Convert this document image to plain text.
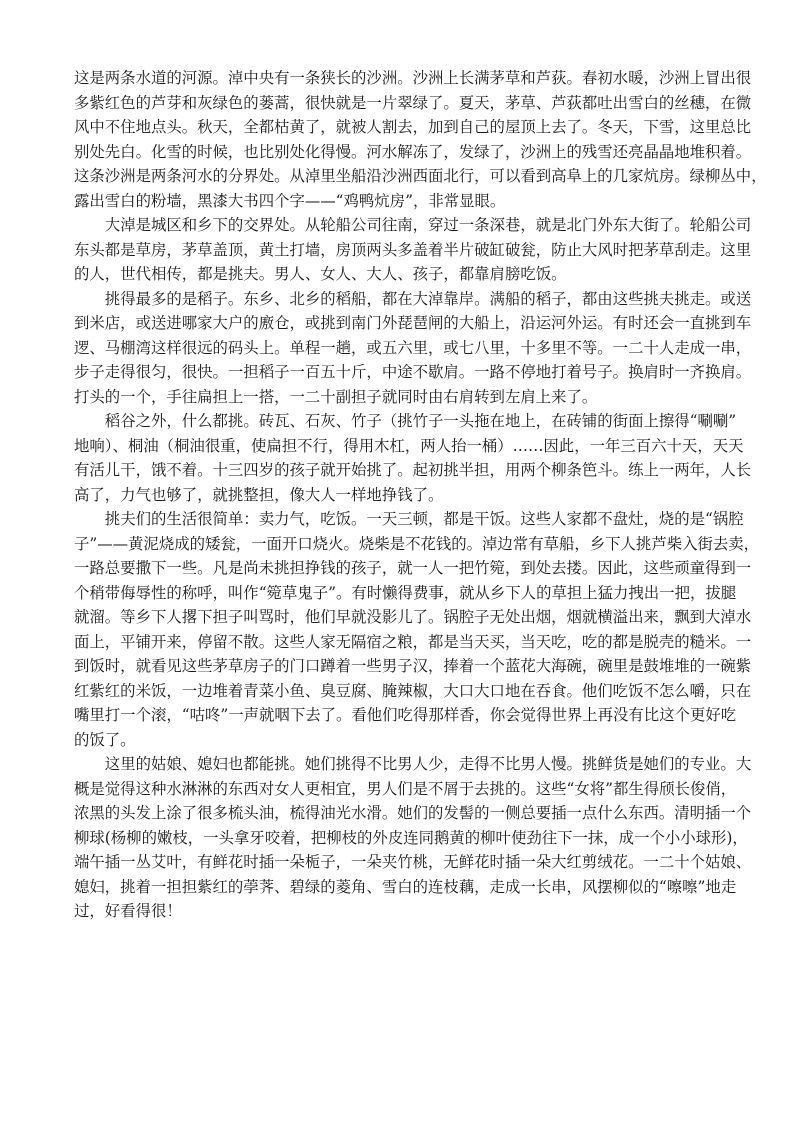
这是两条水道的河源。淖中央有一条狭长的沙洲。沙洲上长满茅草和芦荻。春初水暖，沙洲上冒出很
多紫红色的芦芽和灰绿色的蒌蒿，很快就是一片翠绿了。夏天，茅草、芦荻都吐出雪白的丝穗，在微
风中不住地点头。秋天，全都枯黄了，就被人割去，加到自己的屋顶上去了。冬天，下雪，这里总比
别处先白。化雪的时候，也比别处化得慢。河水解冻了，发绿了，沙洲上的残雪还亮晶晶地堆积着。
这条沙洲是两条河水的分界处。从淖里坐船沿沙洲西面北行，可以看到高阜上的几家炕房。绿柳丛中，
露出雪白的粉墙，黑漆大书四个字——“鸡鸭炕房”，非常显眼。
大淖是城区和乡下的交界处。从轮船公司往南，穿过一条深巷，就是北门外东大街了。轮船公司
东头都是草房，茅草盖顶，黄土打墙，房顶两头多盖着半片破缸破瓮，防止大风时把茅草刮走。这里
的人，世代相传，都是挑夫。男人、女人、大人、孩子，都靠肩膀吃饭。
挑得最多的是稻子。东乡、北乡的稻船，都在大淖靠岸。满船的稻子，都由这些挑夫挑走。或送
到米店，或送进哪家大户的廒仓，或挑到南门外琵琶闸的大船上，沿运河外运。有时还会一直挑到车
逻、马棚湾这样很远的码头上。单程一趟，或五六里，或七八里，十多里不等。一二十人走成一串，
步子走得很匀，很快。一担稻子一百五十斤，中途不歇肩。一路不停地打着号子。换肩时一齐换肩。
打头的一个，手往扁担上一搭，一二十副担子就同时由右肩转到左肩上来了。
稻谷之外，什么都挑。砖瓦、石灰、竹子（挑竹子一头拖在地上，在砖铺的街面上擦得“唰唰”
地响）、桐油（桐油很重，使扁担不行，得用木杠，两人抬一桶）……因此，一年三百六十天，天天
有活儿干，饿不着。十三四岁的孩子就开始挑了。起初挑半担，用两个柳条笆斗。练上一两年，人长
高了，力气也够了，就挑整担，像大人一样地挣钱了。
挑夫们的生活很简单：卖力气，吃饭。一天三顿，都是干饭。这些人家都不盘灶，烧的是“锅腔
子”——黄泥烧成的矮瓮，一面开口烧火。烧柴是不花钱的。淖边常有草船，乡下人挑芦柴入街去卖，
一路总要撒下一些。凡是尚未挑担挣钱的孩子，就一人一把竹箢，到处去搂。因此，这些顽童得到一
个稍带侮辱性的称呼，叫作“箢草鬼子”。有时懒得费事，就从乡下人的草担上猛力拽出一把，拔腿
就溜。等乡下人撂下担子叫骂时，他们早就没影儿了。锅腔子无处出烟，烟就横溢出来，飘到大淖水
面上，平铺开来，停留不散。这些人家无隔宿之粮，都是当天买，当天吃，吃的都是脱壳的糙米。一
到饭时，就看见这些茅草房子的门口蹲着一些男子汉，捧着一个蓝花大海碗，碗里是鼓堆堆的一碗紫
红紫红的米饭，一边堆着青菜小鱼、臭豆腐、腌辣椒，大口大口地在吞食。他们吃饭不怎么嚼，只在
嘴里打一个滚，“咕咚”一声就咽下去了。看他们吃得那样香，你会觉得世界上再没有比这个更好吃
的饭了。
这里的姑娘、媳妇也都能挑。她们挑得不比男人少，走得不比男人慢。挑鲜货是她们的专业。大
概是觉得这种水淋淋的东西对女人更相宜，男人们是不屑于去挑的。这些“女将”都生得颀长俊俏，
浓黑的头发上涂了很多梳头油，梳得油光水滑。她们的发髻的一侧总要插一点什么东西。清明插一个
柳球(杨柳的嫩枝，一头拿牙咬着，把柳枝的外皮连同鹅黄的柳叶使劲往下一抹，成一个小小球形)，
端午插一丛艾叶，有鲜花时插一朵栀子，一朵夹竹桃，无鲜花时插一朵大红剪绒花。一二十个姑娘、
媳妇，挑着一担担紫红的荸荠、碧绿的菱角、雪白的连枝藕，走成一长串，风摆柳似的“嚓嚓”地走
过，好看得很！
